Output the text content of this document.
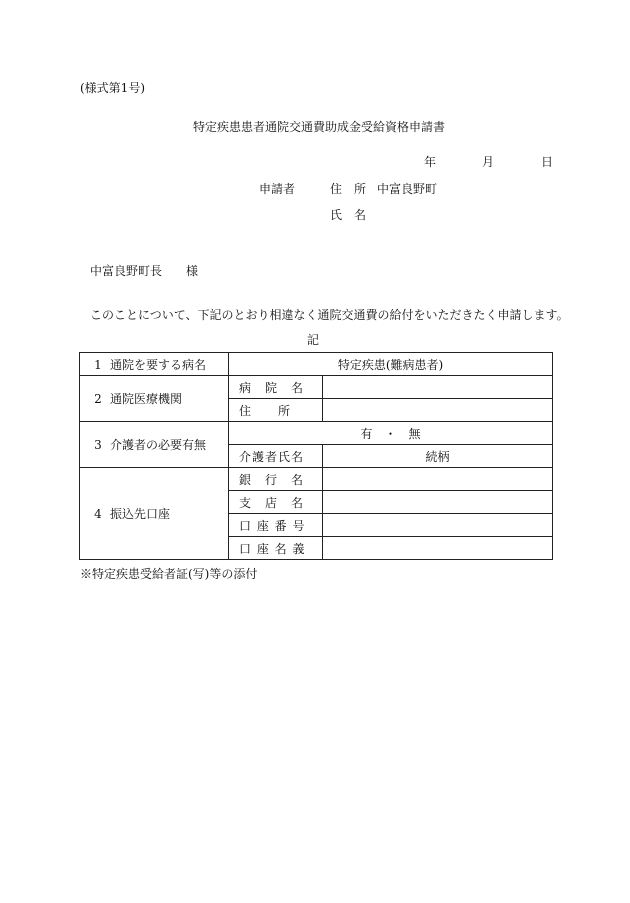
(様式第1号)
特定疾患患者通院交通費助成金受給資格申請書
年	月	日
申請者	住　所 中富良野町
氏　名
中富良野町長　　様
このことについて、下記のとおり相違なく通院交通費の給付をいただきたく申請します。
記
1 通院を要する病名	特定疾患(難病患者)	
2 通院医療機関	病　院　名	
	住　　所	
3 介護者の必要有無	有　・　無	
	介護者氏名	続柄
4 振込先口座	銀　行　名	
	支　店　名	
	口 座 番 号	
	口 座 名 義	
※特定疾患受給者証(写)等の添付
